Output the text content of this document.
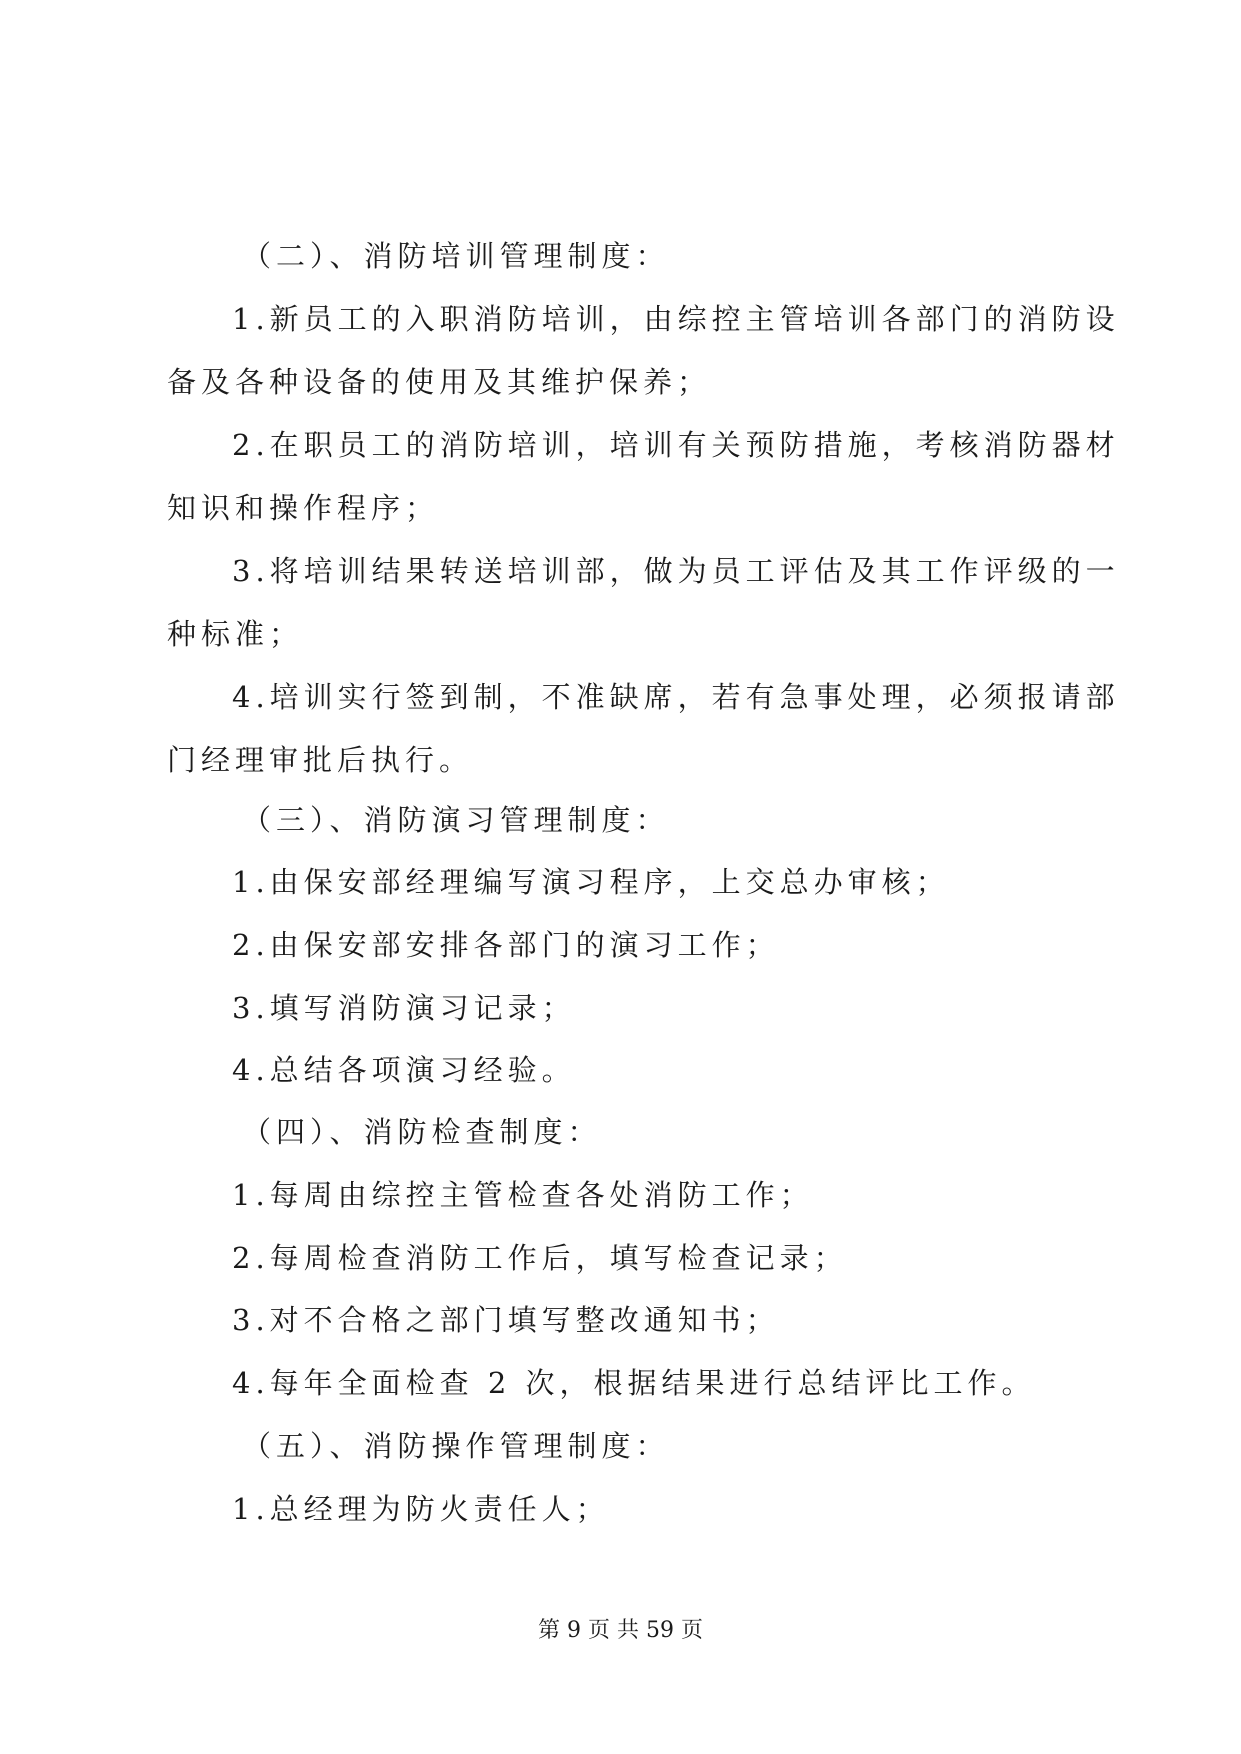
（二）、消防培训管理制度：
1.新员工的入职消防培训，由综控主管培训各部门的消防设
备及各种设备的使用及其维护保养；
2.在职员工的消防培训，培训有关预防措施，考核消防器材
知识和操作程序；
3.将培训结果转送培训部，做为员工评估及其工作评级的一
种标准；
4.培训实行签到制，不准缺席，若有急事处理，必须报请部
门经理审批后执行。
（三）、消防演习管理制度：
1.由保安部经理编写演习程序，上交总办审核；
2.由保安部安排各部门的演习工作；
3.填写消防演习记录；
4.总结各项演习经验。
（四）、消防检查制度：
1.每周由综控主管检查各处消防工作；
2.每周检查消防工作后，填写检查记录；
3.对不合格之部门填写整改通知书；
4.每年全面检查 2 次，根据结果进行总结评比工作。
（五）、消防操作管理制度：
1.总经理为防火责任人；
第 9 页 共 59 页
